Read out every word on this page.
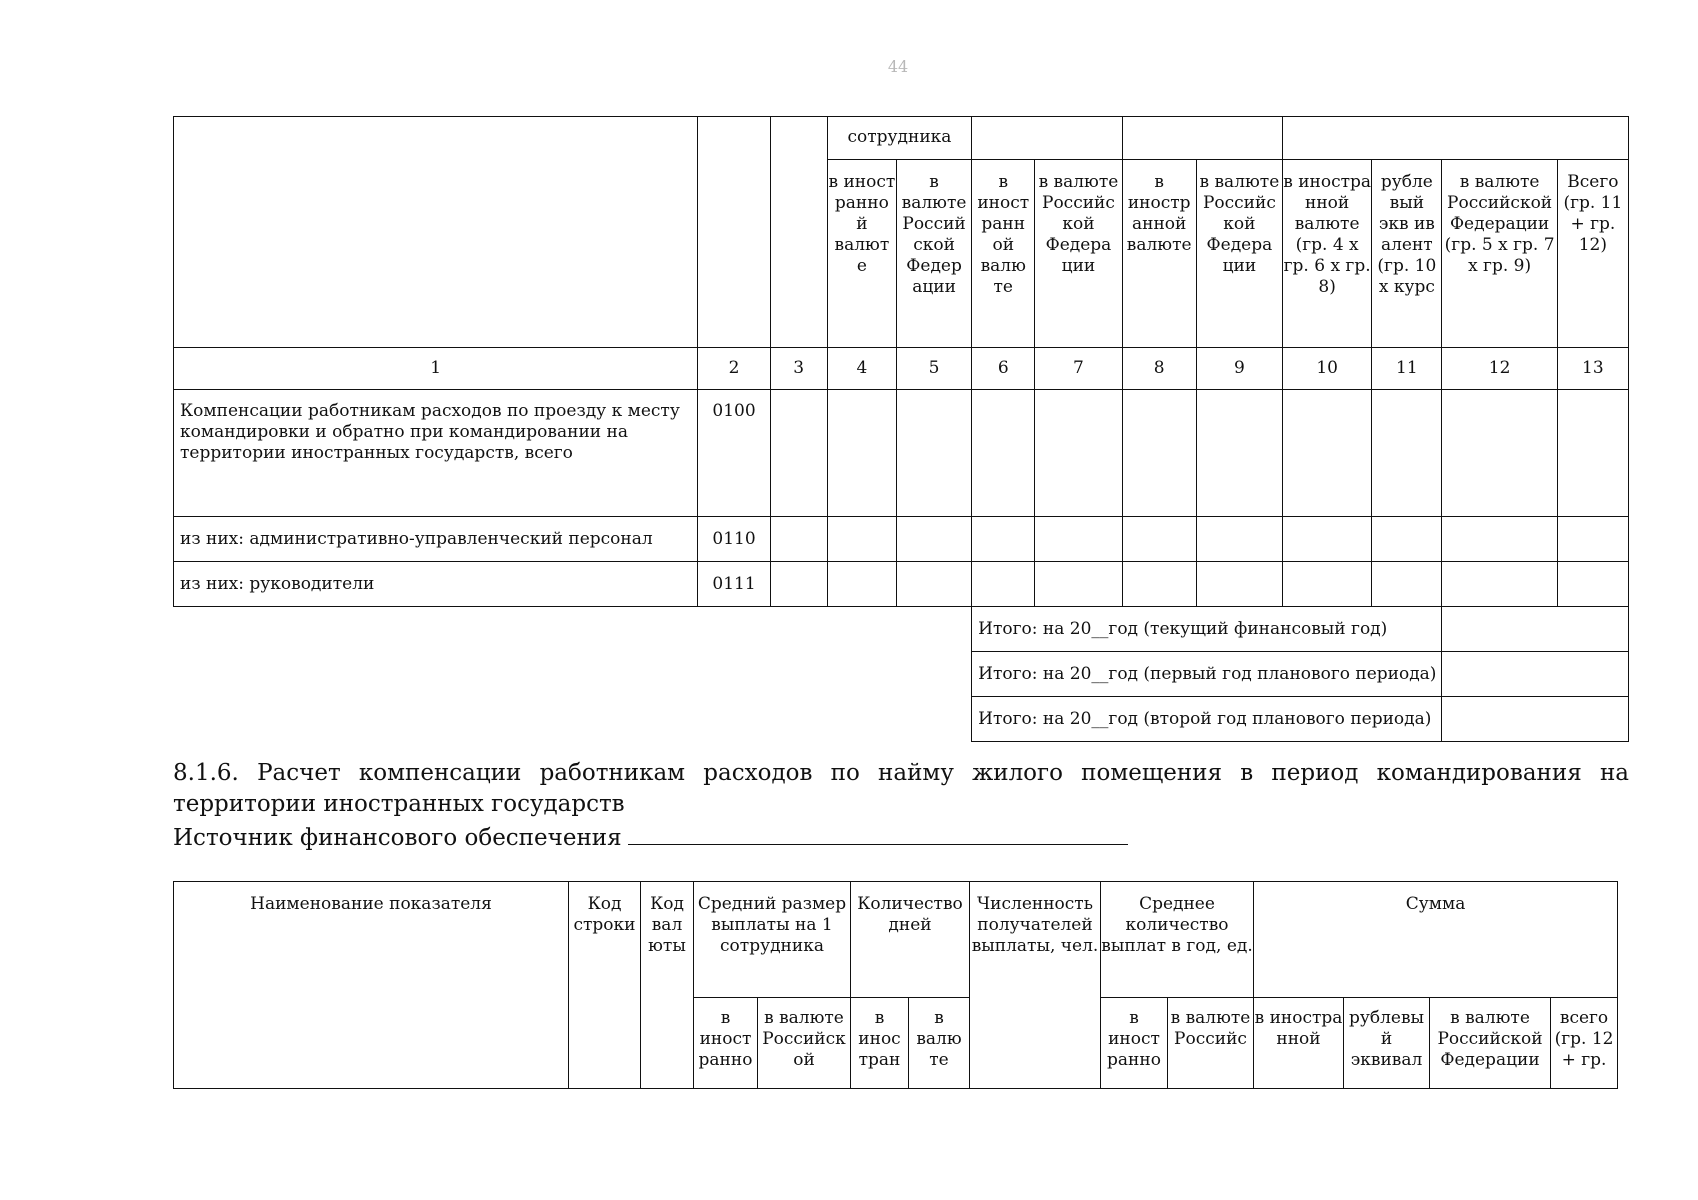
44

			сотрудника									

			в иност ранно й валют е	в валюте Россий ской Федер ации	в иност ранн ой валю те	в валюте Российс кой Федера ции	в иностр анной валюте	в валюте Российс кой Федера ции	в иностра нной валюте (гр. 4 х гр. 6 х гр. 8)	рубле вый экв ив алент (гр. 10 х курс	в валюте Российской Федерации (гр. 5 х гр. 7 х гр. 9)	Всего (гр. 11 + гр. 12)

1	2	3	4	5	6	7	8	9	10	11	12	13
Компенсации работникам расходов по проезду к месту командировки и обратно при командировании на территории иностранных государств, всего	0100											
из них: административно-управленческий персонал	0110											
из них: руководители	0111											
					Итого: на 20__год (текущий финансовый год)							
					Итого: на 20__год (первый год планового периода)							
					Итого: на 20__год (второй год планового периода)							
8.1.6. Расчет компенсации работникам расходов по найму жилого помещения в период командирования на территории иностранных государств
Источник финансового обеспечения
Наименование показателя	Код строки	Код вал юты	Средний размер выплаты на 1 сотрудника		Количество дней		Численность получателей выплаты, чел.	Среднее количество выплат в год, ед.		Сумма			

			в иност ранно	в валюте Российск ой	в инос тран	в валю те		в иност ранно	в валюте Российс	в иностра нной	рублевы й эквивал	в валюте Российской Федерации	всего (гр. 12 + гр.
